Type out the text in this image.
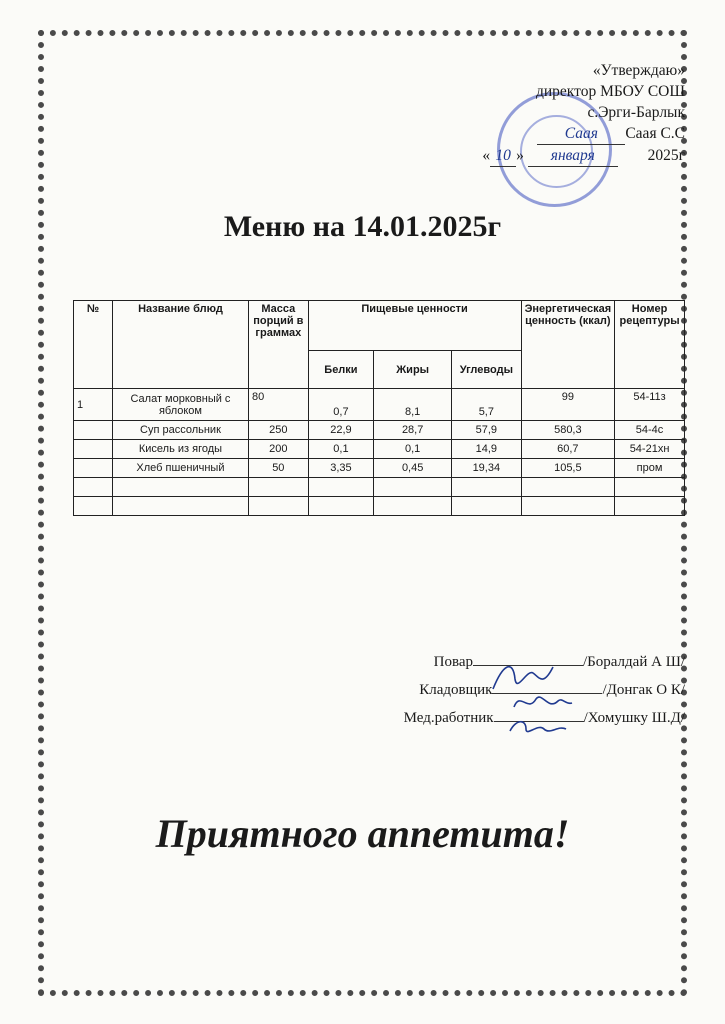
«Утверждаю»
директор МБОУ СОШ
с.Эрги-Барлык
Саая Саая С.С
« 10 » января	2025г
Меню на 14.01.2025г
№	Название блюд	Масса порций в граммах	Пищевые ценности			Энергетическая ценность (ккал)	Номер рецептуры
			Белки	Жиры	Углеводы		
1	Салат морковный с яблоком	80	0,7	8,1	5,7	99	54-11з
	Суп рассольник	250	22,9	28,7	57,9	580,3	54-4с
	Кисель из ягоды	200	0,1	0,1	14,9	60,7	54-21хн
	Хлеб пшеничный	50	3,35	0,45	19,34	105,5	пром

Повар	/Боралдай А Ш/
Кладовщик	/Донгак О К/
Мед.работник	/Хомушку Ш.Д/
Приятного аппетита!
